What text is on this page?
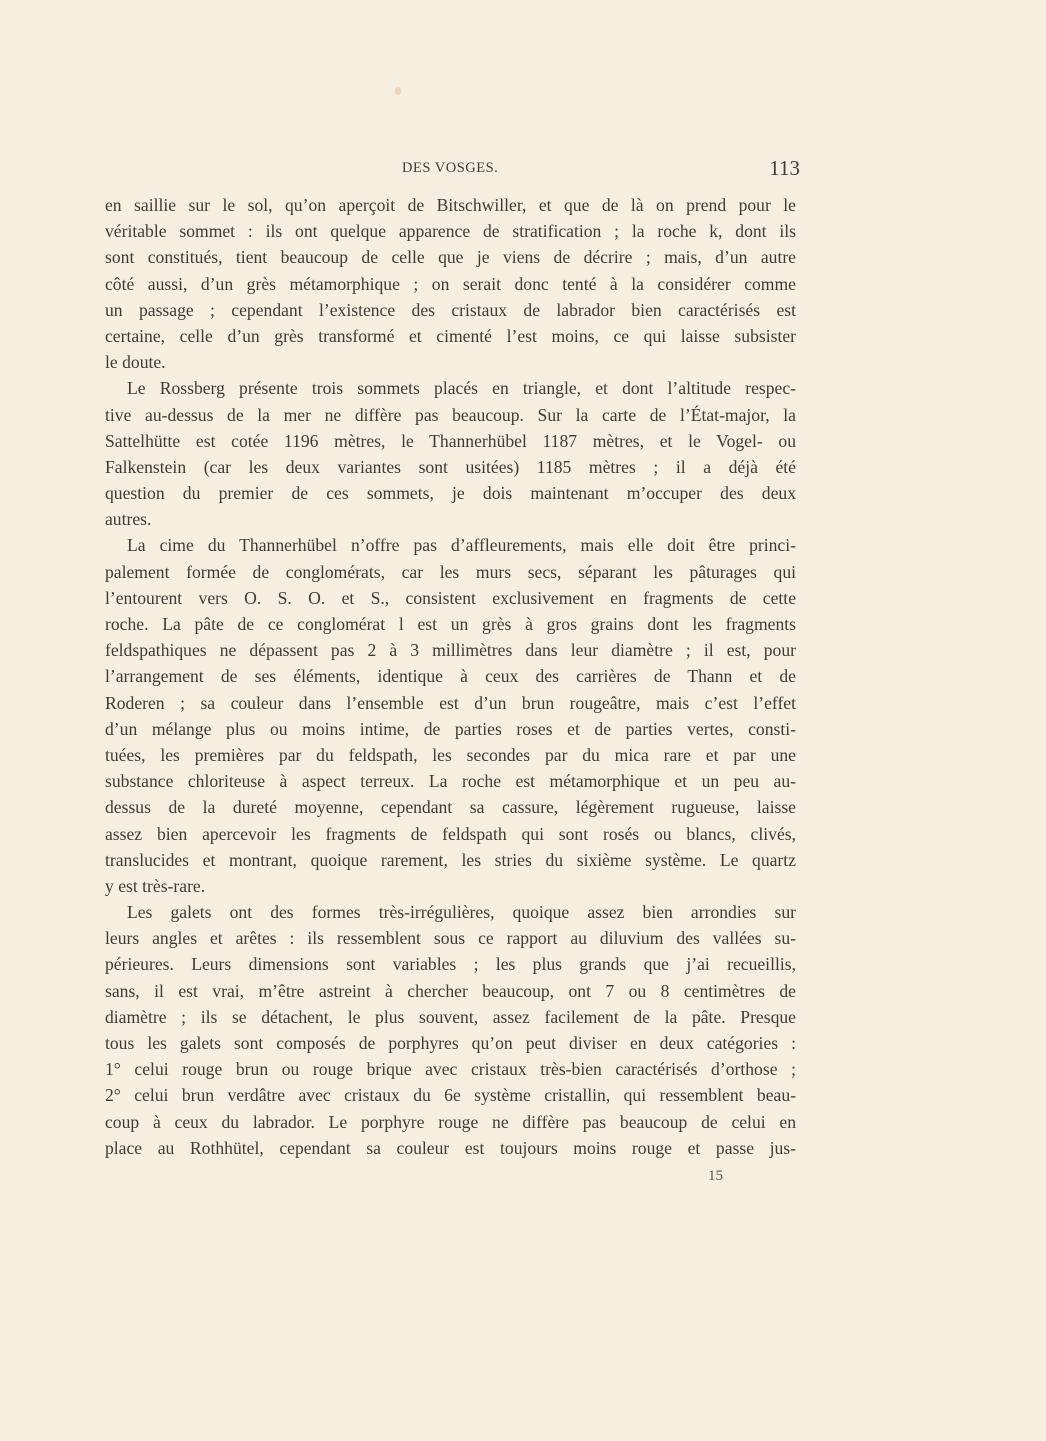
DES VOSGES.	113
en saillie sur le sol, qu’on aperçoit de Bitschwiller, et que de là on prend pour le
véritable sommet : ils ont quelque apparence de stratification ; la roche k, dont ils
sont constitués, tient beaucoup de celle que je viens de décrire ; mais, d’un autre
côté aussi, d’un grès métamorphique ; on serait donc tenté à la considérer comme
un passage ; cependant l’existence des cristaux de labrador bien caractérisés est
certaine, celle d’un grès transformé et cimenté l’est moins, ce qui laisse subsister
le doute.
Le Rossberg présente trois sommets placés en triangle, et dont l’altitude respec-
tive au-dessus de la mer ne diffère pas beaucoup. Sur la carte de l’État-major, la
Sattelhütte est cotée 1196 mètres, le Thannerhübel 1187 mètres, et le Vogel- ou
Falkenstein (car les deux variantes sont usitées) 1185 mètres ; il a déjà été
question du premier de ces sommets, je dois maintenant m’occuper des deux
autres.
La cime du Thannerhübel n’offre pas d’affleurements, mais elle doit être princi-
palement formée de conglomérats, car les murs secs, séparant les pâturages qui
l’entourent vers O. S. O. et S., consistent exclusivement en fragments de cette
roche. La pâte de ce conglomérat l est un grès à gros grains dont les fragments
feldspathiques ne dépassent pas 2 à 3 millimètres dans leur diamètre ; il est, pour
l’arrangement de ses éléments, identique à ceux des carrières de Thann et de
Roderen ; sa couleur dans l’ensemble est d’un brun rougeâtre, mais c’est l’effet
d’un mélange plus ou moins intime, de parties roses et de parties vertes, consti-
tuées, les premières par du feldspath, les secondes par du mica rare et par une
substance chloriteuse à aspect terreux. La roche est métamorphique et un peu au-
dessus de la dureté moyenne, cependant sa cassure, légèrement rugueuse, laisse
assez bien apercevoir les fragments de feldspath qui sont rosés ou blancs, clivés,
translucides et montrant, quoique rarement, les stries du sixième système. Le quartz
y est très-rare.
Les galets ont des formes très-irrégulières, quoique assez bien arrondies sur
leurs angles et arêtes : ils ressemblent sous ce rapport au diluvium des vallées su-
périeures. Leurs dimensions sont variables ; les plus grands que j’ai recueillis,
sans, il est vrai, m’être astreint à chercher beaucoup, ont 7 ou 8 centimètres de
diamètre ; ils se détachent, le plus souvent, assez facilement de la pâte. Presque
tous les galets sont composés de porphyres qu’on peut diviser en deux catégories :
1° celui rouge brun ou rouge brique avec cristaux très-bien caractérisés d’orthose ;
2° celui brun verdâtre avec cristaux du 6e système cristallin, qui ressemblent beau-
coup à ceux du labrador. Le porphyre rouge ne diffère pas beaucoup de celui en
place au Rothhütel, cependant sa couleur est toujours moins rouge et passe jus-
15
